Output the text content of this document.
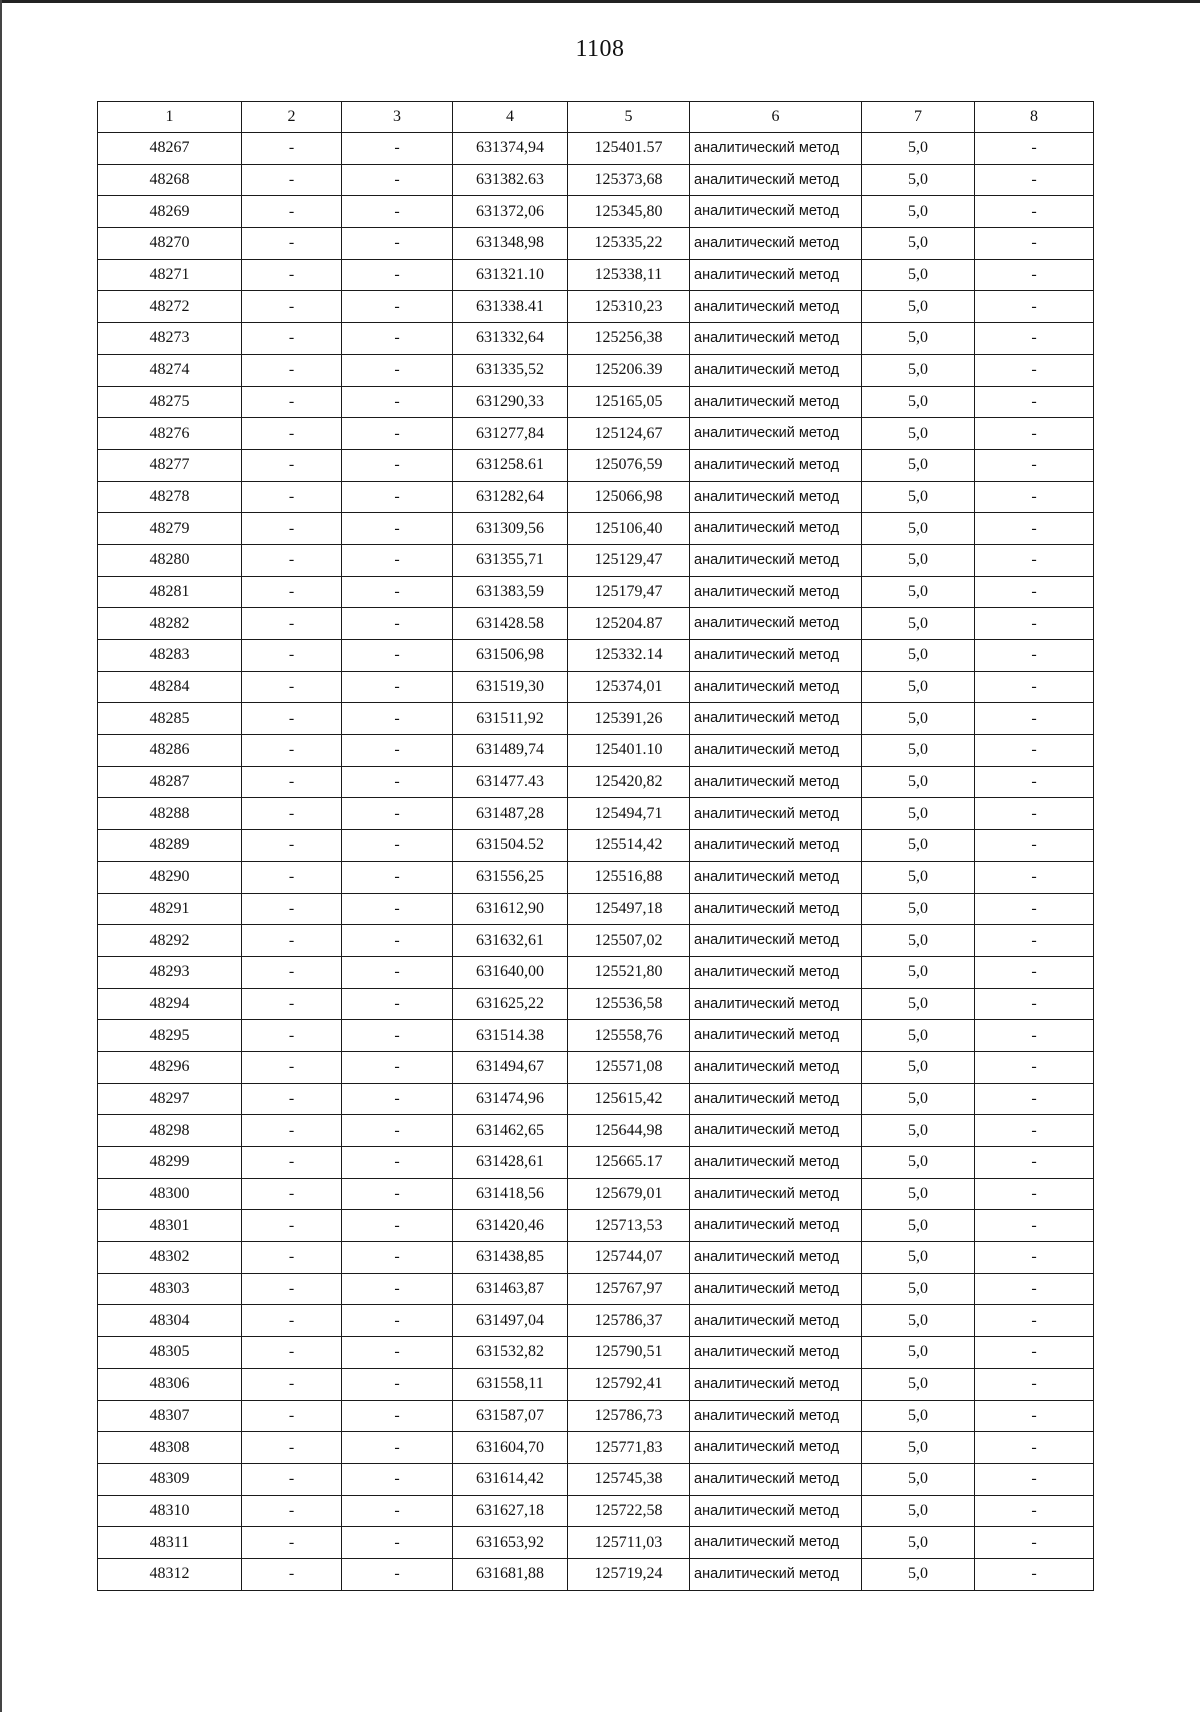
1108
1	2	3	4	5	6	7	8
48267	-	-	631374,94	125401.57	аналитический метод	5,0	-
48268	-	-	631382.63	125373,68	аналитический метод	5,0	-
48269	-	-	631372,06	125345,80	аналитический метод	5,0	-
48270	-	-	631348,98	125335,22	аналитический метод	5,0	-
48271	-	-	631321.10	125338,11	аналитический метод	5,0	-
48272	-	-	631338.41	125310,23	аналитический метод	5,0	-
48273	-	-	631332,64	125256,38	аналитический метод	5,0	-
48274	-	-	631335,52	125206.39	аналитический метод	5,0	-
48275	-	-	631290,33	125165,05	аналитический метод	5,0	-
48276	-	-	631277,84	125124,67	аналитический метод	5,0	-
48277	-	-	631258.61	125076,59	аналитический метод	5,0	-
48278	-	-	631282,64	125066,98	аналитический метод	5,0	-
48279	-	-	631309,56	125106,40	аналитический метод	5,0	-
48280	-	-	631355,71	125129,47	аналитический метод	5,0	-
48281	-	-	631383,59	125179,47	аналитический метод	5,0	-
48282	-	-	631428.58	125204.87	аналитический метод	5,0	-
48283	-	-	631506,98	125332.14	аналитический метод	5,0	-
48284	-	-	631519,30	125374,01	аналитический метод	5,0	-
48285	-	-	631511,92	125391,26	аналитический метод	5,0	-
48286	-	-	631489,74	125401.10	аналитический метод	5,0	-
48287	-	-	631477.43	125420,82	аналитический метод	5,0	-
48288	-	-	631487,28	125494,71	аналитический метод	5,0	-
48289	-	-	631504.52	125514,42	аналитический метод	5,0	-
48290	-	-	631556,25	125516,88	аналитический метод	5,0	-
48291	-	-	631612,90	125497,18	аналитический метод	5,0	-
48292	-	-	631632,61	125507,02	аналитический метод	5,0	-
48293	-	-	631640,00	125521,80	аналитический метод	5,0	-
48294	-	-	631625,22	125536,58	аналитический метод	5,0	-
48295	-	-	631514.38	125558,76	аналитический метод	5,0	-
48296	-	-	631494,67	125571,08	аналитический метод	5,0	-
48297	-	-	631474,96	125615,42	аналитический метод	5,0	-
48298	-	-	631462,65	125644,98	аналитический метод	5,0	-
48299	-	-	631428,61	125665.17	аналитический метод	5,0	-
48300	-	-	631418,56	125679,01	аналитический метод	5,0	-
48301	-	-	631420,46	125713,53	аналитический метод	5,0	-
48302	-	-	631438,85	125744,07	аналитический метод	5,0	-
48303	-	-	631463,87	125767,97	аналитический метод	5,0	-
48304	-	-	631497,04	125786,37	аналитический метод	5,0	-
48305	-	-	631532,82	125790,51	аналитический метод	5,0	-
48306	-	-	631558,11	125792,41	аналитический метод	5,0	-
48307	-	-	631587,07	125786,73	аналитический метод	5,0	-
48308	-	-	631604,70	125771,83	аналитический метод	5,0	-
48309	-	-	631614,42	125745,38	аналитический метод	5,0	-
48310	-	-	631627,18	125722,58	аналитический метод	5,0	-
48311	-	-	631653,92	125711,03	аналитический метод	5,0	-
48312	-	-	631681,88	125719,24	аналитический метод	5,0	-
